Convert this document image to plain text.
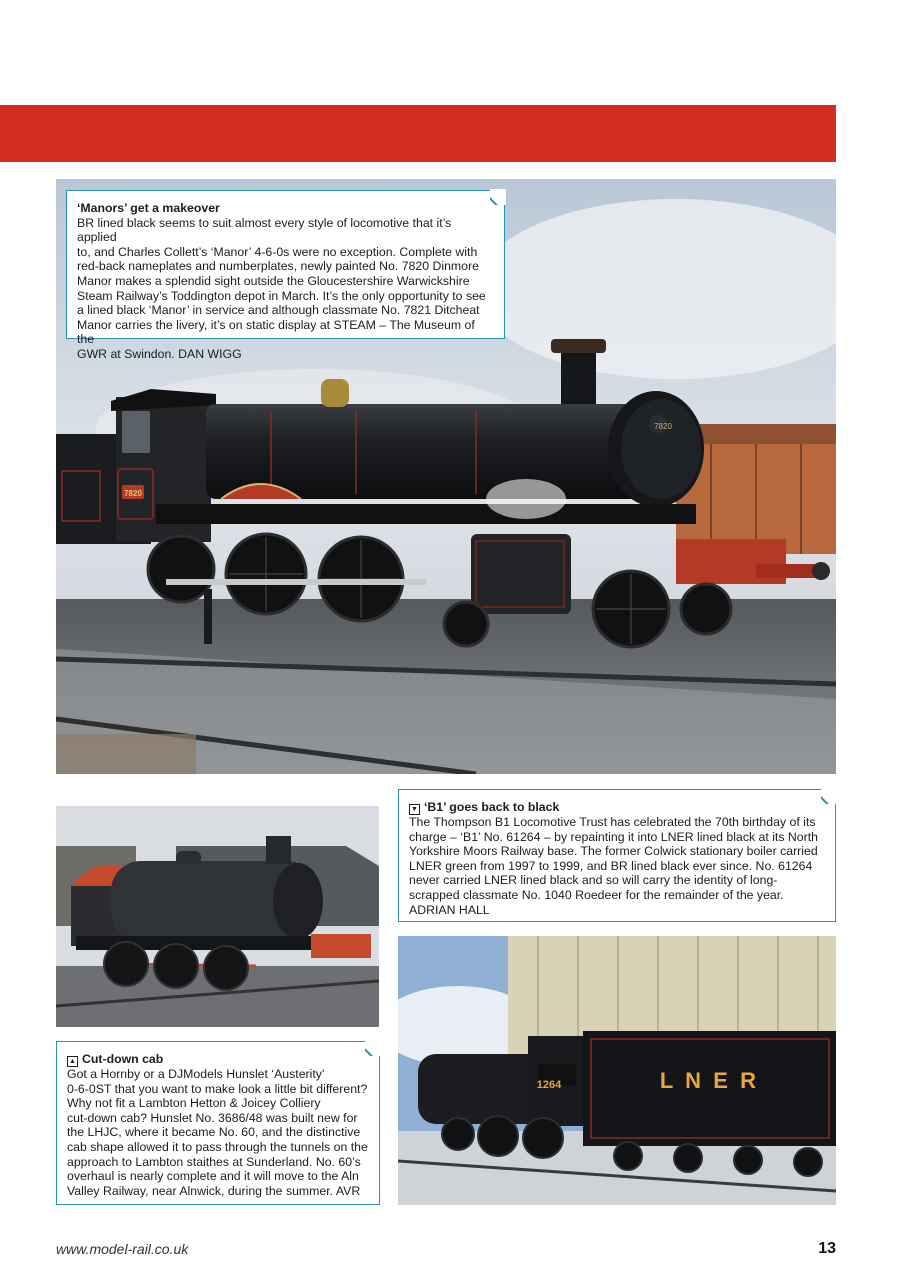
7820
7820
‘Manors’ get a makeover
BR lined black seems to suit almost every style of locomotive that it’s applied
to, and Charles Collett’s ‘Manor’ 4-6-0s were no exception. Complete with
red-back nameplates and numberplates, newly painted No. 7820 Dinmore
Manor makes a splendid sight outside the Gloucestershire Warwickshire
Steam Railway’s Toddington depot in March. It’s the only opportunity to see
a lined black ‘Manor’ in service and although classmate No. 7821 Ditcheat
Manor carries the livery, it’s on static display at STEAM – The Museum of the
GWR at Swindon. DAN WIGG
▼ ‘B1’ goes back to black
The Thompson B1 Locomotive Trust has celebrated the 70th birthday of its
charge – ‘B1’ No. 61264 – by repainting it into LNER lined black at its North
Yorkshire Moors Railway base. The former Colwick stationary boiler carried
LNER green from 1997 to 1999, and BR lined black ever since. No. 61264
never carried LNER lined black and so will carry the identity of long-
scrapped classmate No. 1040 Roedeer for the remainder of the year.
ADRIAN HALL
1264	L  N  E  R
▲ Cut-down cab
Got a Hornby or a DJModels Hunslet ‘Austerity’
0-6-0ST that you want to make look a little bit different?
Why not fit a Lambton Hetton & Joicey Colliery
cut-down cab? Hunslet No. 3686/48 was built new for
the LHJC, where it became No. 60, and the distinctive
cab shape allowed it to pass through the tunnels on the
approach to Lambton staithes at Sunderland. No. 60’s
overhaul is nearly complete and it will move to the Aln
Valley Railway, near Alnwick, during the summer. AVR
www.model-rail.co.uk	13
